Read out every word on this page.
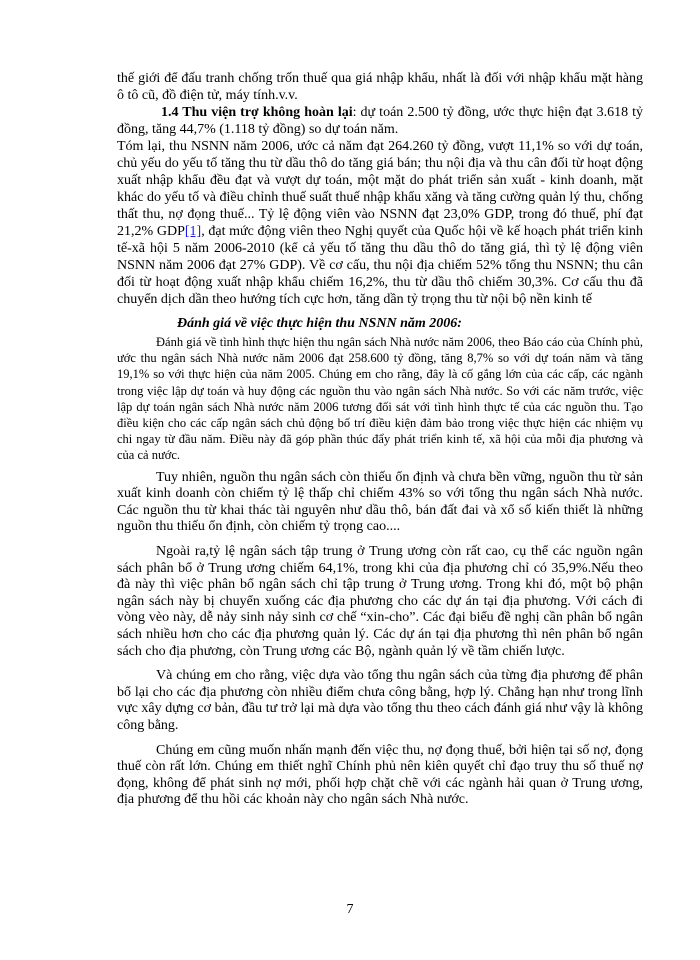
thế giới để đấu tranh chống trốn thuế qua giá nhập khẩu, nhất là đối với nhập khẩu mặt hàng ô tô cũ, đồ điện tử, máy tính.v.v.

1.4 Thu viện trợ không hoàn lại: dự toán 2.500 tỷ đồng, ước thực hiện đạt 3.618 tỷ đồng, tăng 44,7% (1.118 tỷ đồng) so dự toán năm.

Tóm lại, thu NSNN năm 2006, ước cả năm đạt 264.260 tỷ đồng, vượt 11,1% so với dự toán, chủ yếu do yếu tố tăng thu từ dầu thô do tăng giá bán; thu nội địa và thu cân đối từ hoạt động xuất nhập khẩu đều đạt và vượt dự toán, một mặt do phát triển sản xuất - kinh doanh, mặt khác do yếu tố và điều chỉnh thuế suất thuế nhập khẩu xăng và tăng cường quản lý thu, chống thất thu, nợ đọng thuế... Tỷ lệ động viên vào NSNN đạt 23,0% GDP, trong đó thuế, phí đạt 21,2% GDP[1], đạt mức động viên theo Nghị quyết của Quốc hội về kế hoạch phát triển kinh tế-xã hội 5 năm 2006-2010 (kể cả yếu tố tăng thu dầu thô do tăng giá, thì tỷ lệ động viên NSNN năm 2006 đạt 27% GDP). Về cơ cấu, thu nội địa chiếm 52% tổng thu NSNN; thu cân đối từ hoạt động xuất nhập khẩu chiếm 16,2%, thu từ dầu thô chiếm 30,3%. Cơ cấu thu đã chuyển dịch dần theo hướng tích cực hơn, tăng dần tỷ trọng thu từ nội bộ nền kinh tế

Đánh giá về việc thực hiện thu NSNN năm 2006:

Đánh giá về tình hình thực hiện thu ngân sách Nhà nước năm 2006, theo Báo cáo của Chính phủ, ước thu ngân sách Nhà nước năm 2006 đạt 258.600 tỷ đồng, tăng 8,7% so với dự toán năm và tăng 19,1% so với thực hiện của năm 2005. Chúng em cho rằng, đây là cố gắng lớn của các cấp, các ngành trong việc lập dự toán và huy động các nguồn thu vào ngân sách Nhà nước. So với các năm trước, việc lập dự toán ngân sách Nhà nước năm 2006 tương đối sát với tình hình thực tế của các nguồn thu. Tạo điều kiện cho các cấp ngân sách chủ động bố trí điều kiện đảm bảo trong việc thực hiện các nhiệm vụ chi ngay từ đầu năm. Điều này đã góp phần thúc đẩy phát triển kinh tế, xã hội của mỗi địa phương và của cả nước.

Tuy nhiên, nguồn thu ngân sách còn thiếu ổn định và chưa bền vững, nguồn thu từ sản xuất kinh doanh còn chiếm tỷ lệ thấp chỉ chiếm 43% so với tổng thu ngân sách Nhà nước. Các nguồn thu từ khai thác tài nguyên như dầu thô, bán đất đai và xổ số kiến thiết là những nguồn thu thiếu ổn định, còn chiếm tỷ trọng cao....

Ngoài ra,tỷ lệ ngân sách tập trung ở Trung ương còn rất cao, cụ thể các nguồn ngân sách phân bổ ở Trung ương chiếm 64,1%, trong khi của địa phương chỉ có 35,9%.Nếu theo đà này thì việc phân bổ ngân sách chỉ tập trung ở Trung ương. Trong khi đó, một bộ phận ngân sách này bị chuyển xuống các địa phương cho các dự án tại địa phương. Với cách đi vòng vèo này, dễ nảy sinh nảy sinh cơ chế “xin-cho”. Các đại biểu đề nghị cần phân bổ ngân sách nhiều hơn cho các địa phương quản lý. Các dự án tại địa phương thì nên phân bổ ngân sách cho địa phương, còn Trung ương các Bộ, ngành quản lý về tầm chiến lược.

Và chúng em cho rằng, việc dựa vào tổng thu ngân sách của từng địa phương để phân bổ lại cho các địa phương còn nhiều điểm chưa công bằng, hợp lý. Chẳng hạn như trong lĩnh vực xây dựng cơ bản, đầu tư trở lại mà dựa vào tổng thu theo cách đánh giá như vậy là không công bằng.

Chúng em cũng muốn nhấn mạnh đến việc thu, nợ đọng thuế, bởi hiện tại số nợ, đọng thuế còn rất lớn. Chúng em thiết nghĩ Chính phủ nên kiên quyết chỉ đạo truy thu số thuế nợ đọng, không để phát sinh nợ mới, phối hợp chặt chẽ với các ngành hải quan ở Trung ương, địa phương để thu hồi các khoản này cho ngân sách Nhà nước.

7
